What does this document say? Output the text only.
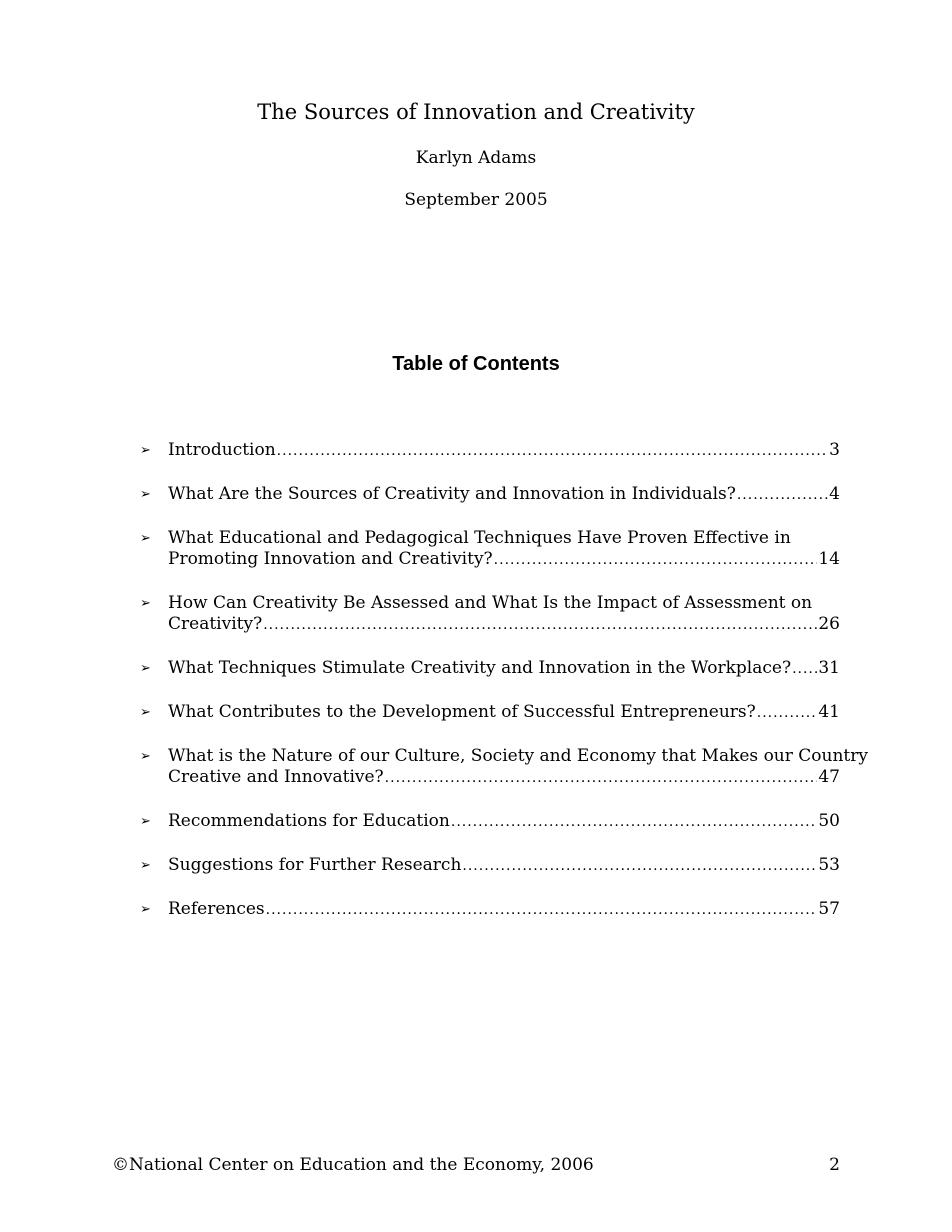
The Sources of Innovation and Creativity
Karlyn Adams
September 2005
Table of Contents
➢ Introduction .....	3
➢ What Are the Sources of Creativity and Innovation in Individuals? .....	4
➢ What Educational and Pedagogical Techniques Have Proven Effective in
Promoting Innovation and Creativity? .....	14
➢ How Can Creativity Be Assessed and What Is the Impact of Assessment on
Creativity? .....	26
➢ What Techniques Stimulate Creativity and Innovation in the Workplace? ..... 31
➢ What Contributes to the Development of Successful Entrepreneurs? .....	41
➢ What is the Nature of our Culture, Society and Economy that Makes our Country
Creative and Innovative? .....	47
➢ Recommendations for Education .....	50
➢ Suggestions for Further Research .....	53
➢ References .....	57
©National Center on Education and the Economy, 2006	2
